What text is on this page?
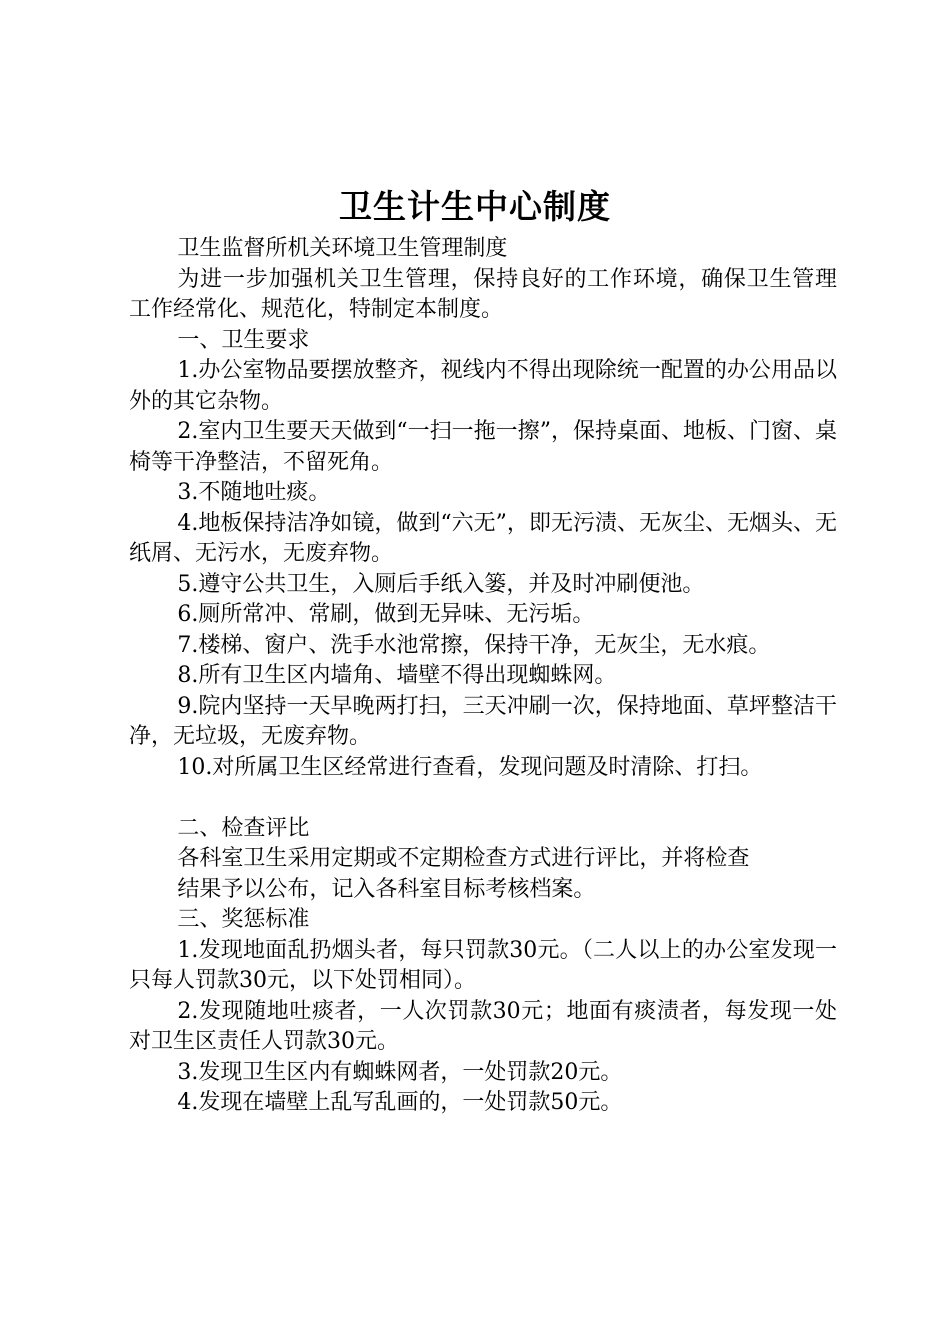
卫生计生中心制度

卫生监督所机关环境卫生管理制度

为进一步加强机关卫生管理，保持良好的工作环境，确保卫生管理工作经常化、规范化，特制定本制度。

一、卫生要求

1.办公室物品要摆放整齐，视线内不得出现除统一配置的办公用品以外的其它杂物。

2.室内卫生要天天做到“一扫一拖一擦”，保持桌面、地板、门窗、桌椅等干净整洁，不留死角。

3.不随地吐痰。

4.地板保持洁净如镜，做到“六无”，即无污渍、无灰尘、无烟头、无纸屑、无污水，无废弃物。

5.遵守公共卫生，入厕后手纸入篓，并及时冲刷便池。

6.厕所常冲、常刷，做到无异味、无污垢。

7.楼梯、窗户、洗手水池常擦，保持干净，无灰尘，无水痕。

8.所有卫生区内墙角、墙壁不得出现蜘蛛网。

9.院内坚持一天早晚两打扫，三天冲刷一次，保持地面、草坪整洁干净，无垃圾，无废弃物。

10.对所属卫生区经常进行查看，发现问题及时清除、打扫。

二、检查评比

各科室卫生采用定期或不定期检查方式进行评比，并将检查

结果予以公布，记入各科室目标考核档案。

三、奖惩标准

1.发现地面乱扔烟头者，每只罚款30元。（二人以上的办公室发现一只每人罚款30元，以下处罚相同）。

2.发现随地吐痰者，一人次罚款30元；地面有痰渍者，每发现一处对卫生区责任人罚款30元。

3.发现卫生区内有蜘蛛网者，一处罚款20元。

4.发现在墙壁上乱写乱画的，一处罚款50元。
